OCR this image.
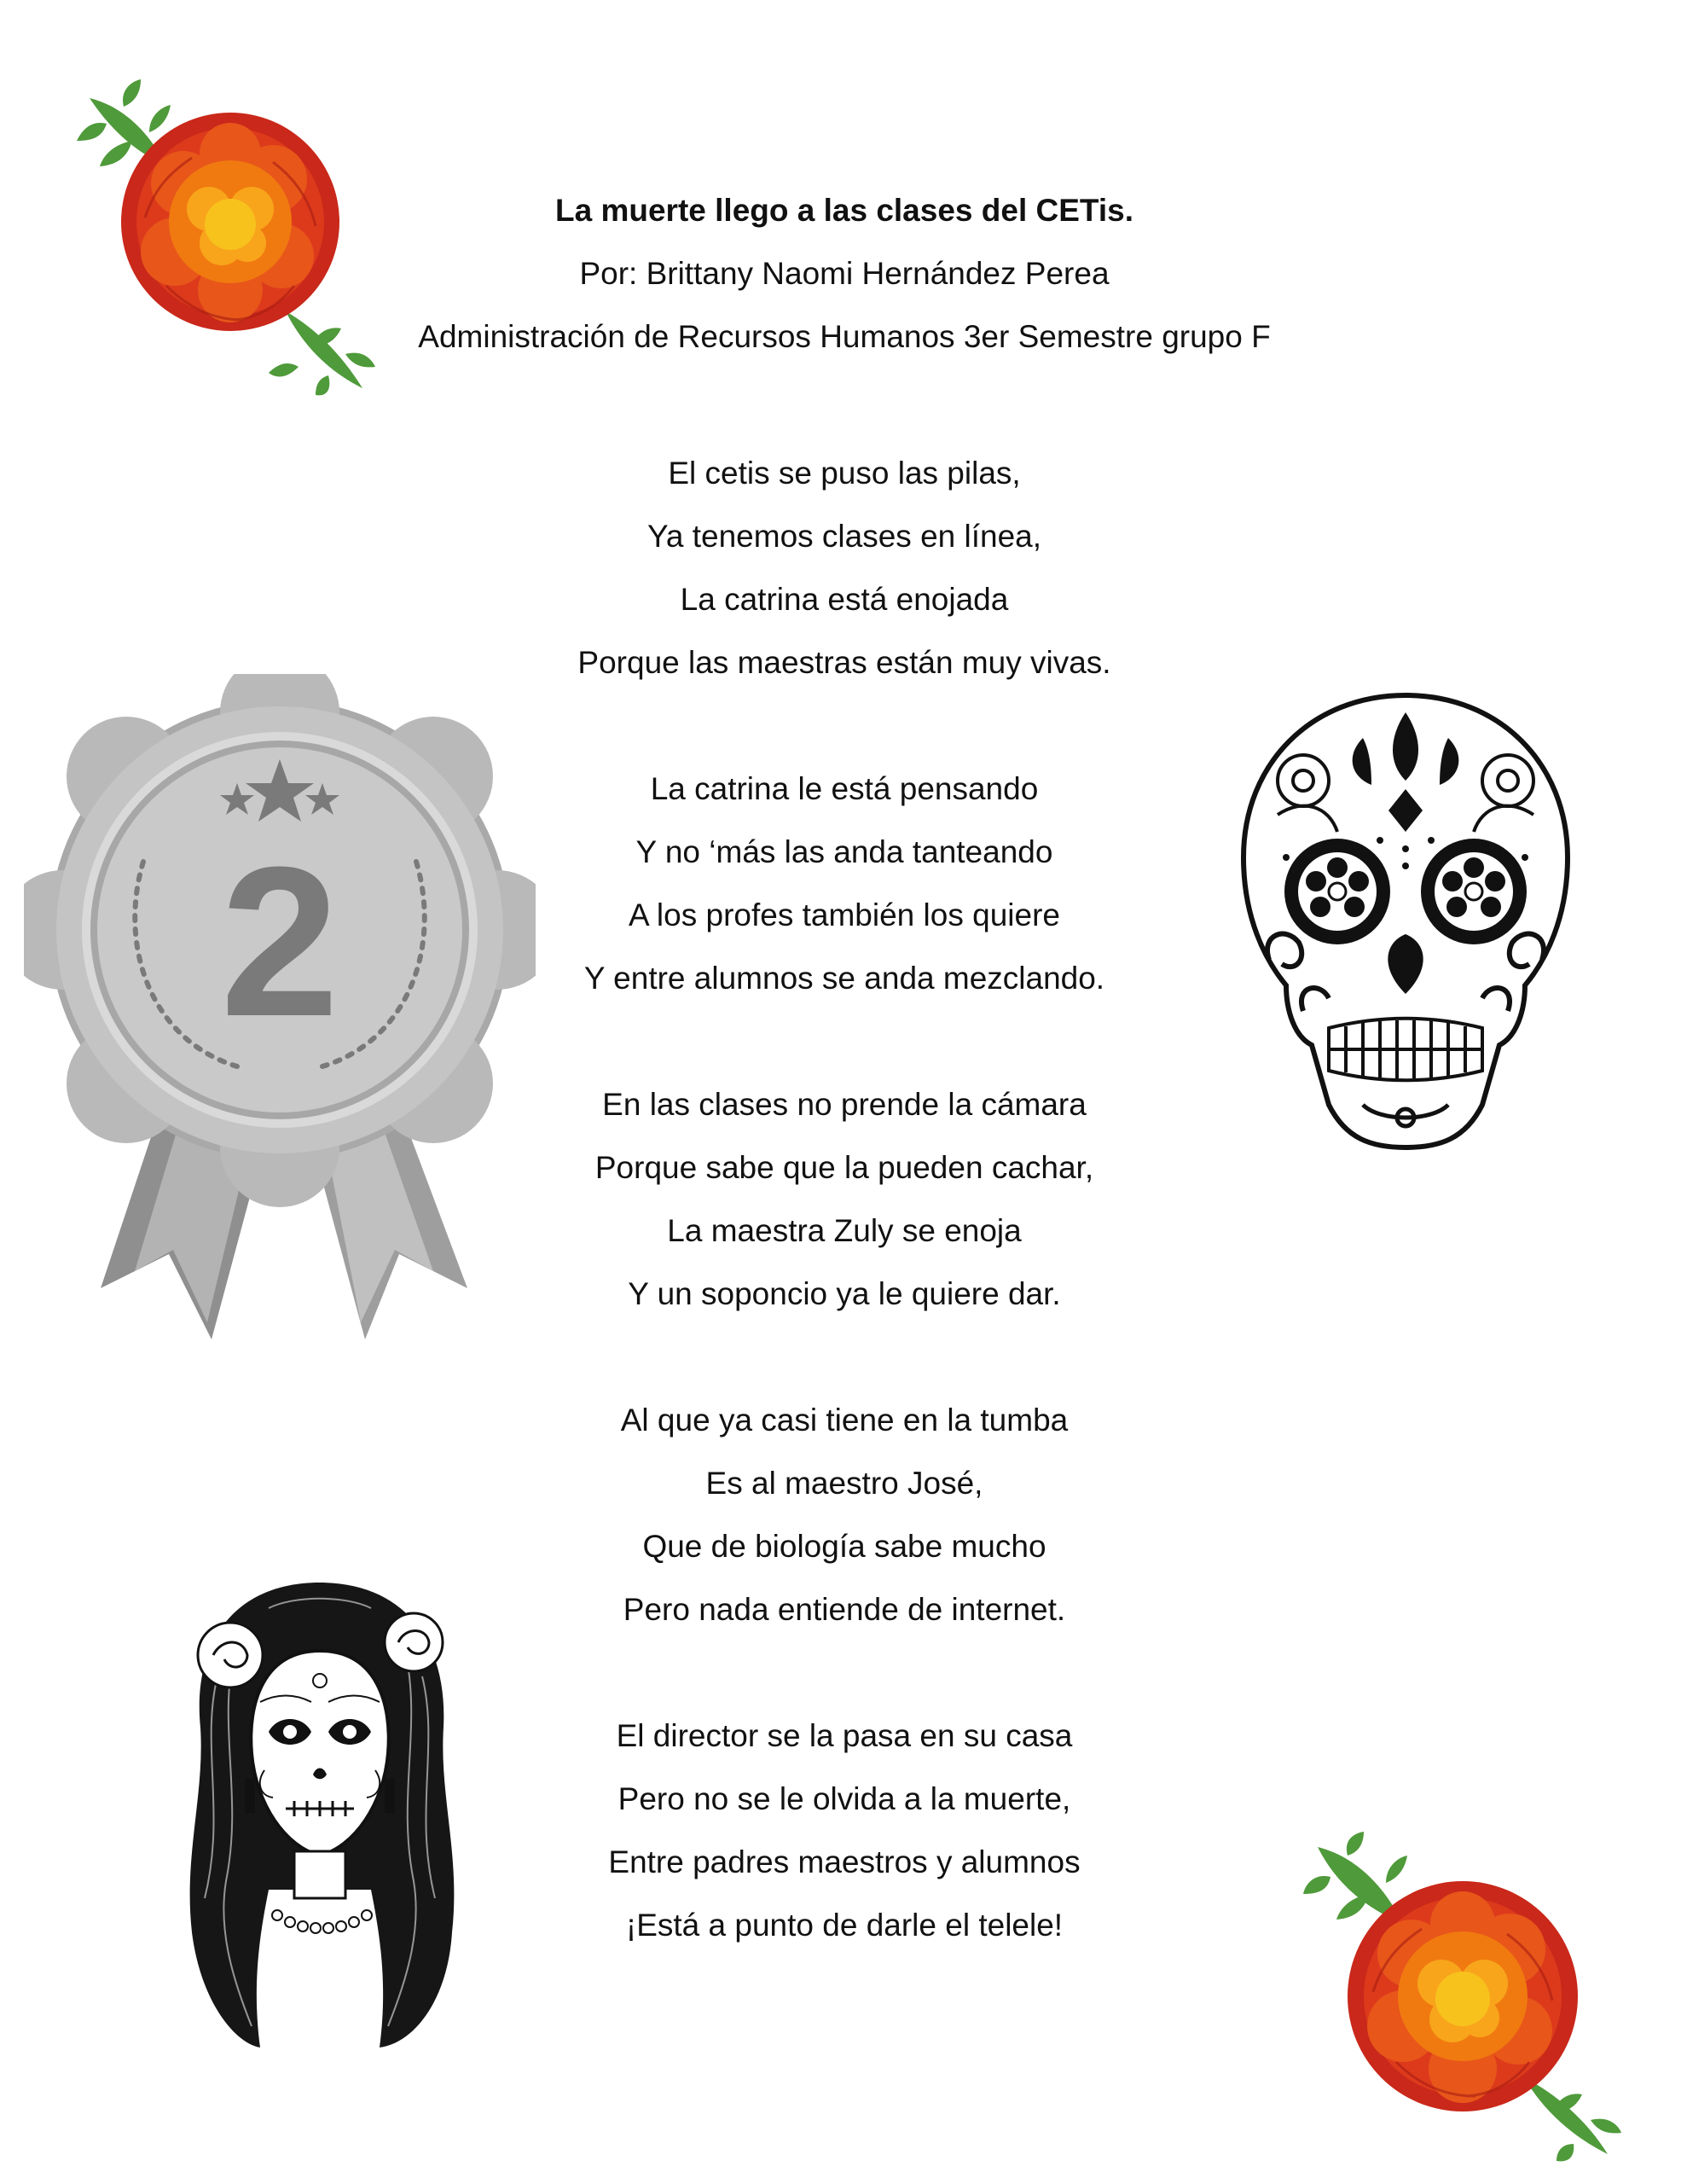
La muerte llego a las clases del CETis.
Por: Brittany Naomi Hernández Perea
Administración de Recursos Humanos 3er Semestre grupo F
El cetis se puso las pilas,
Ya tenemos clases en línea,
La catrina está enojada
Porque las maestras están muy vivas.
La catrina le está pensando
Y no ‘más las anda tanteando
A los profes también los quiere
Y entre alumnos se anda mezclando.
En las clases no prende la cámara
Porque sabe que la pueden cachar,
La maestra Zuly se enoja
Y un soponcio ya le quiere dar.
Al que ya casi tiene en la tumba
Es al maestro José,
Que de biología sabe mucho
Pero nada entiende de internet.
El director se la pasa en su casa
Pero no se le olvida a la muerte,
Entre padres maestros y alumnos
¡Está a punto de darle el telele!
2
